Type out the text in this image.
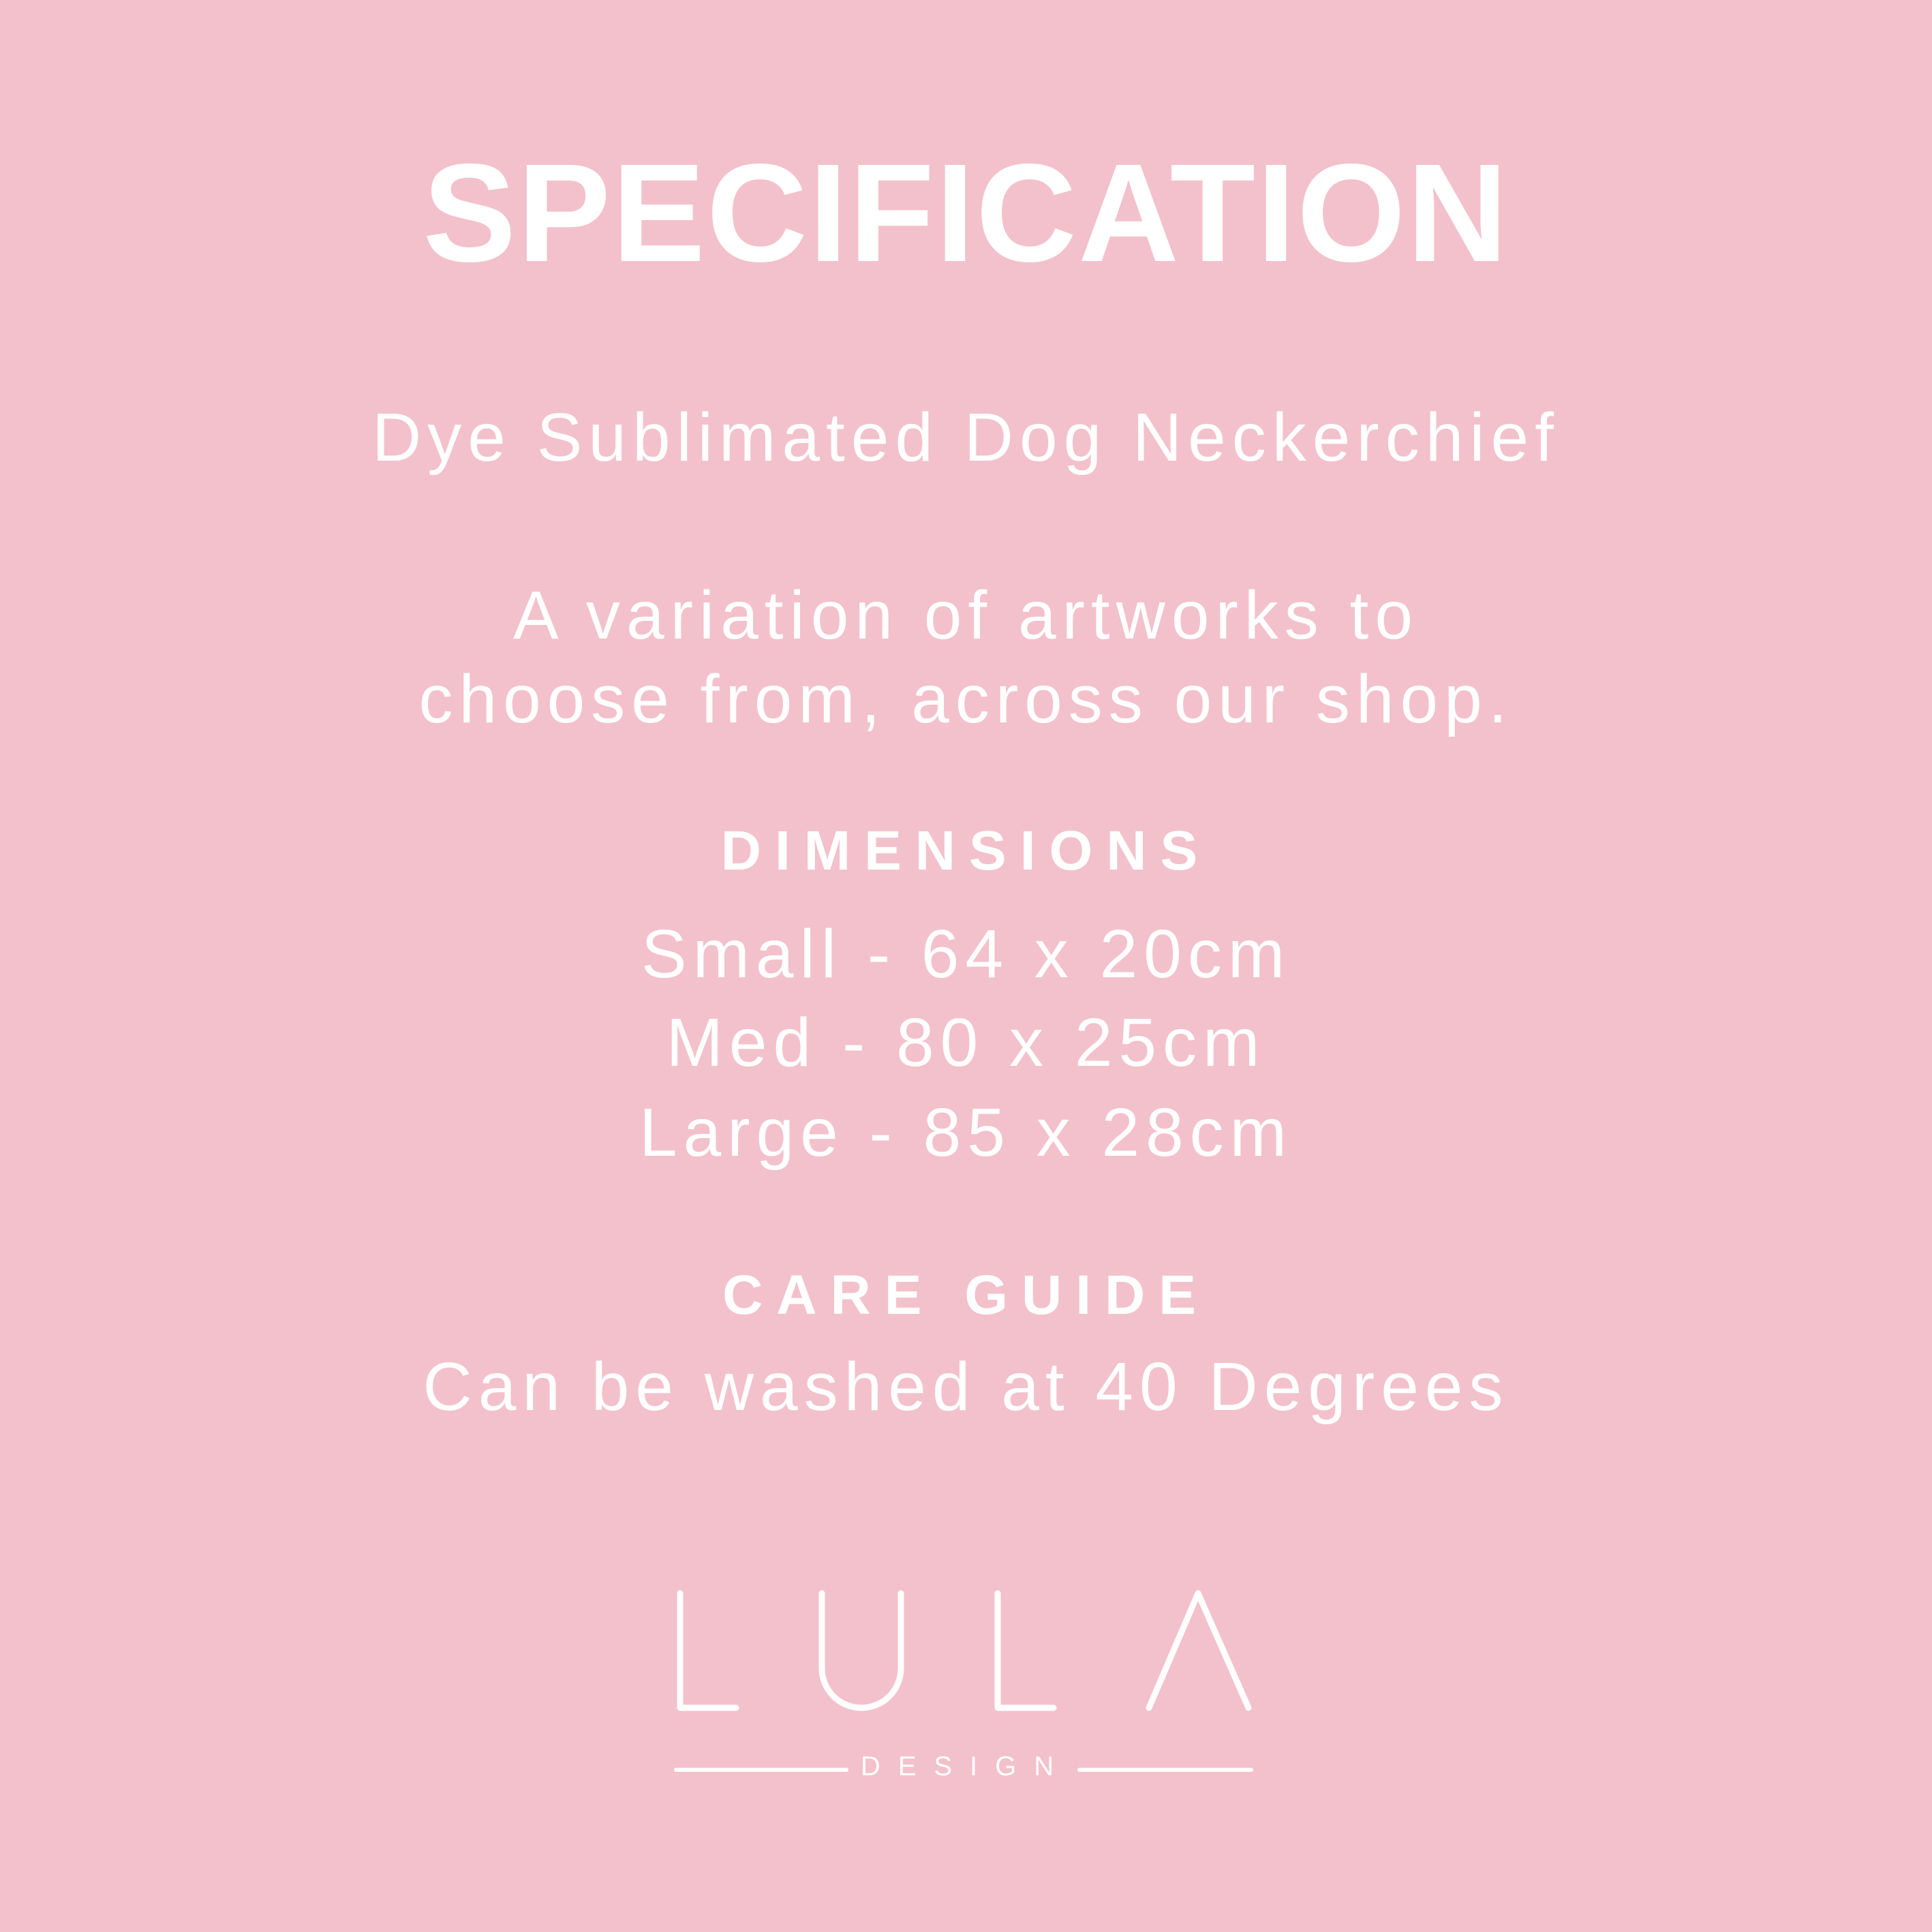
SPECIFICATION
Dye Sublimated Dog Neckerchief
A variation of artworks to
choose from, across our shop.
DIMENSIONS
Small - 64 x 20cm
Med - 80 x 25cm
Large - 85 x 28cm
CARE GUIDE
Can be washed at 40 Degrees
DESIGN
